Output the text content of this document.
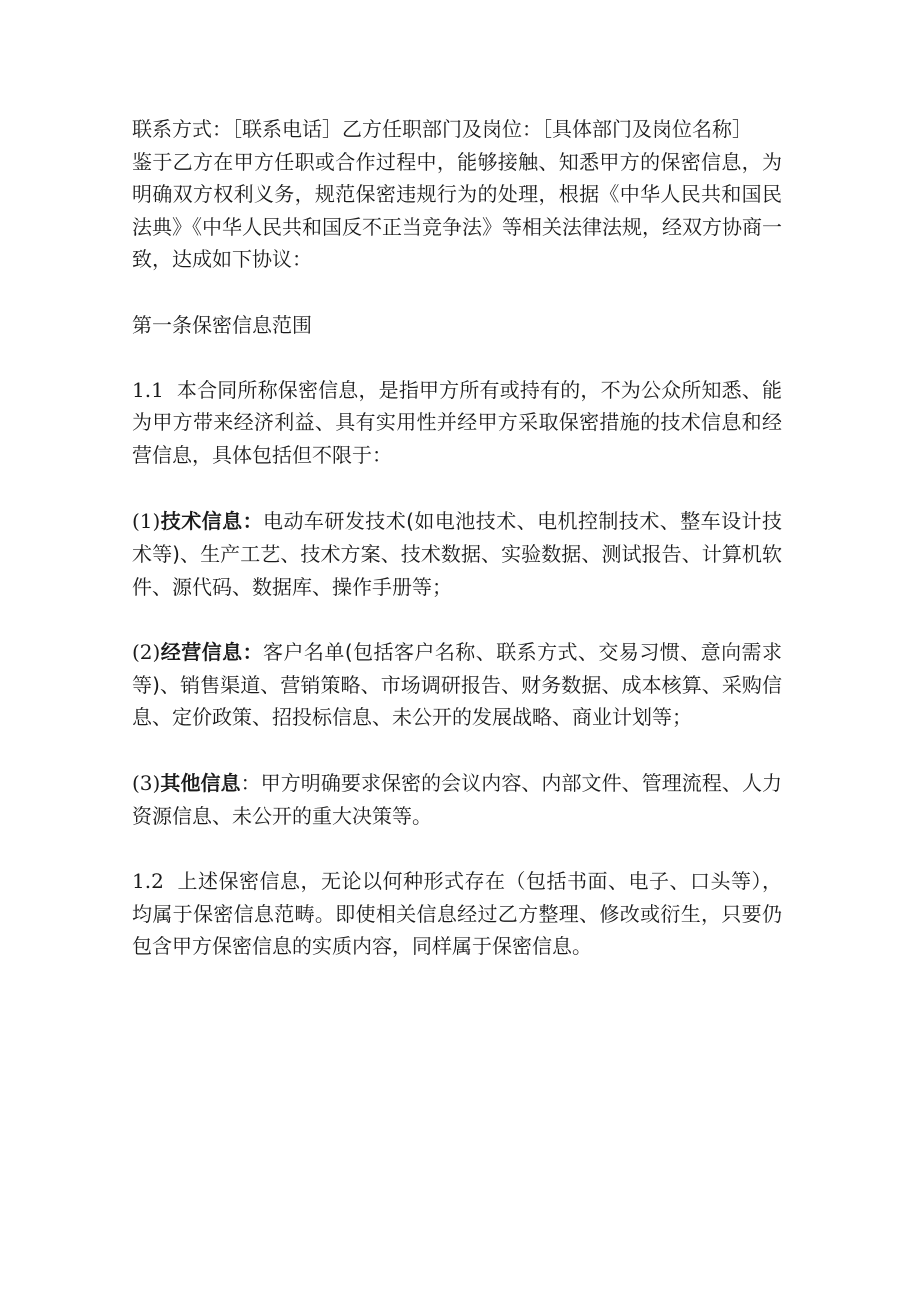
联系方式：［联系电话］乙方任职部门及岗位：［具体部门及岗位名称］
鉴于乙方在甲方任职或合作过程中，能够接触、知悉甲方的保密信息，为明确双方权利义务，规范保密违规行为的处理，根据《中华人民共和国民法典》《中华人民共和国反不正当竞争法》等相关法律法规，经双方协商一致，达成如下协议：

第一条保密信息范围

1.1 本合同所称保密信息，是指甲方所有或持有的，不为公众所知悉、能为甲方带来经济利益、具有实用性并经甲方采取保密措施的技术信息和经营信息，具体包括但不限于：

(1)技术信息：电动车研发技术(如电池技术、电机控制技术、整车设计技术等)、生产工艺、技术方案、技术数据、实验数据、测试报告、计算机软件、源代码、数据库、操作手册等；

(2)经营信息：客户名单(包括客户名称、联系方式、交易习惯、意向需求等)、销售渠道、营销策略、市场调研报告、财务数据、成本核算、采购信息、定价政策、招投标信息、未公开的发展战略、商业计划等；

(3)其他信息：甲方明确要求保密的会议内容、内部文件、管理流程、人力资源信息、未公开的重大决策等。

1.2 上述保密信息，无论以何种形式存在（包括书面、电子、口头等），均属于保密信息范畴。即使相关信息经过乙方整理、修改或衍生，只要仍包含甲方保密信息的实质内容，同样属于保密信息。
